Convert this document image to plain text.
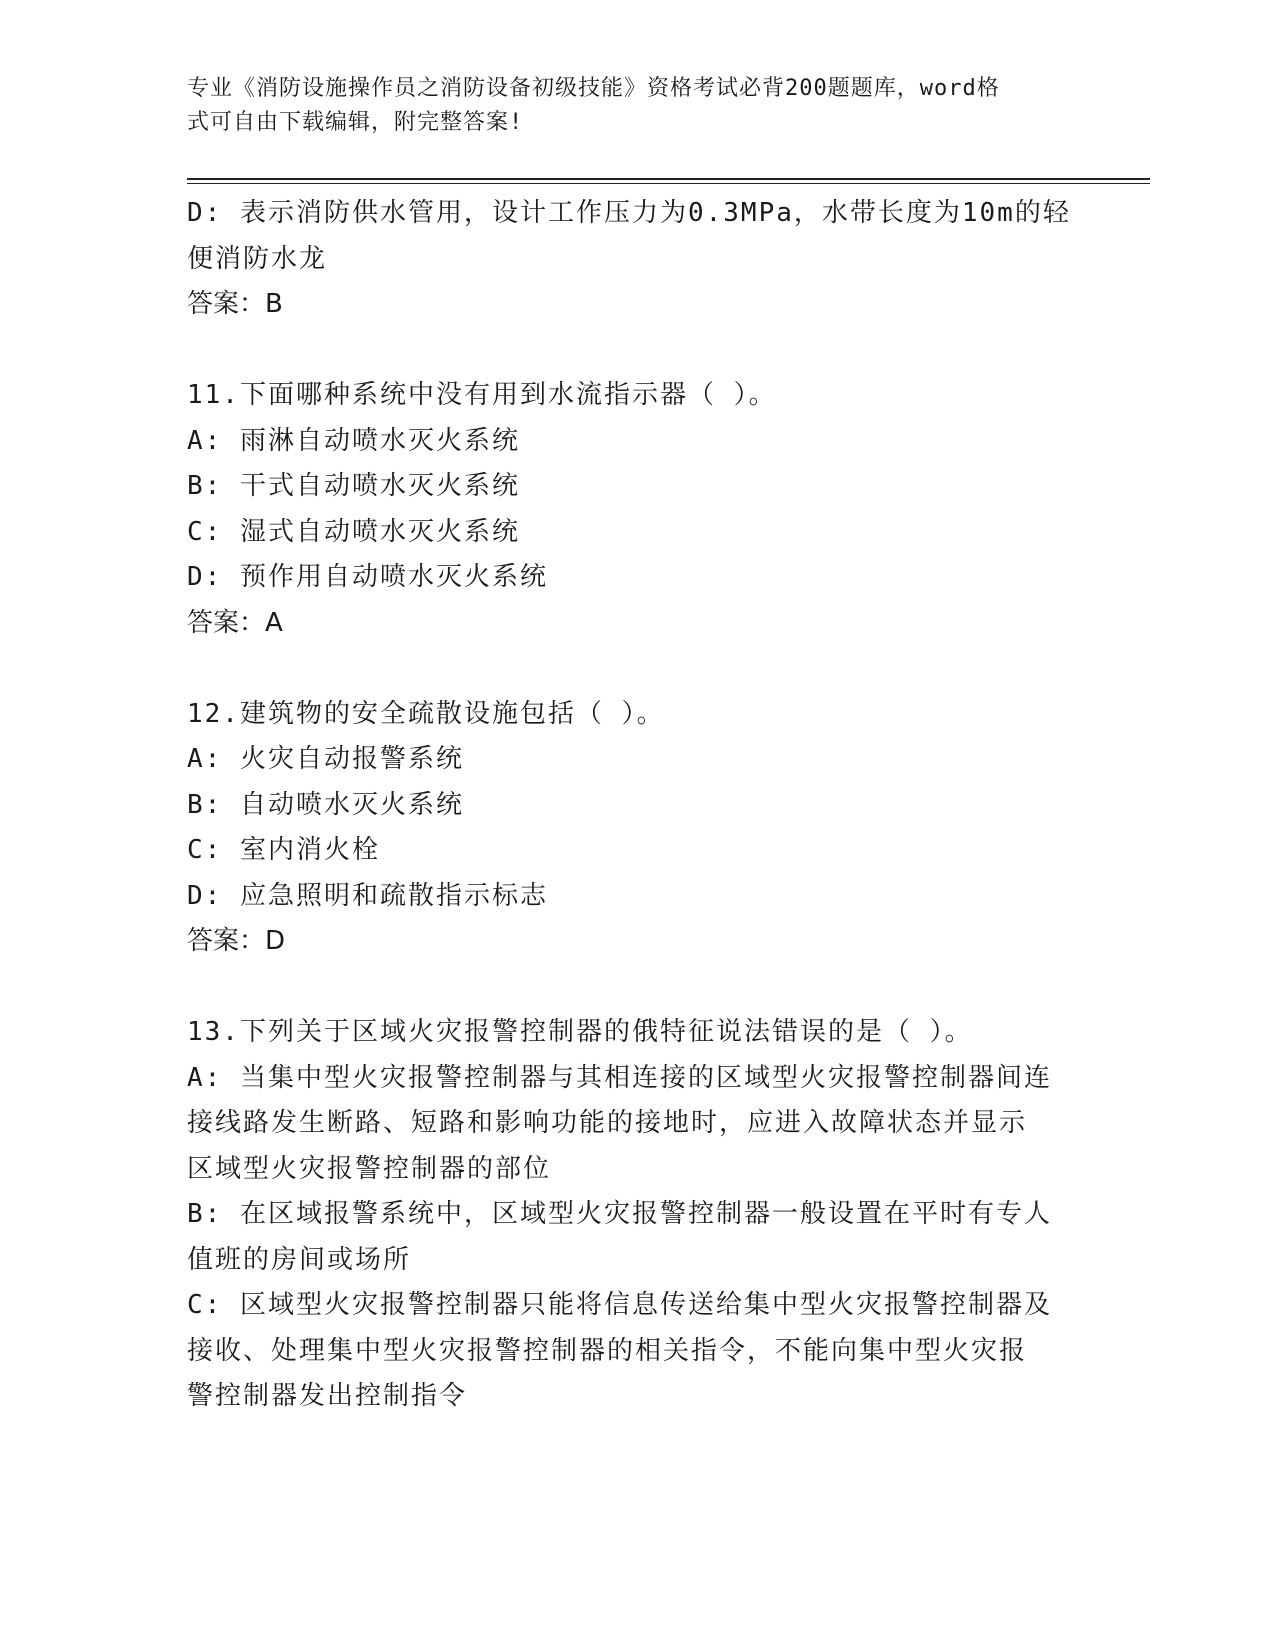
专业《消防设施操作员之消防设备初级技能》资格考试必背200题题库，word格
式可自由下载编辑，附完整答案!
D: 表示消防供水管用，设计工作压力为0.3MPa，水带长度为10m的轻
便消防水龙
答案：B
11.下面哪种系统中没有用到水流指示器（ ）。
A: 雨淋自动喷水灭火系统
B: 干式自动喷水灭火系统
C: 湿式自动喷水灭火系统
D: 预作用自动喷水灭火系统
答案：A
12.建筑物的安全疏散设施包括（ ）。
A: 火灾自动报警系统
B: 自动喷水灭火系统
C: 室内消火栓
D: 应急照明和疏散指示标志
答案：D
13.下列关于区域火灾报警控制器的俄特征说法错误的是（ ）。
A: 当集中型火灾报警控制器与其相连接的区域型火灾报警控制器间连
接线路发生断路、短路和影响功能的接地时，应进入故障状态并显示
区域型火灾报警控制器的部位
B: 在区域报警系统中，区域型火灾报警控制器一般设置在平时有专人
值班的房间或场所
C: 区域型火灾报警控制器只能将信息传送给集中型火灾报警控制器及
接收、处理集中型火灾报警控制器的相关指令，不能向集中型火灾报
警控制器发出控制指令
